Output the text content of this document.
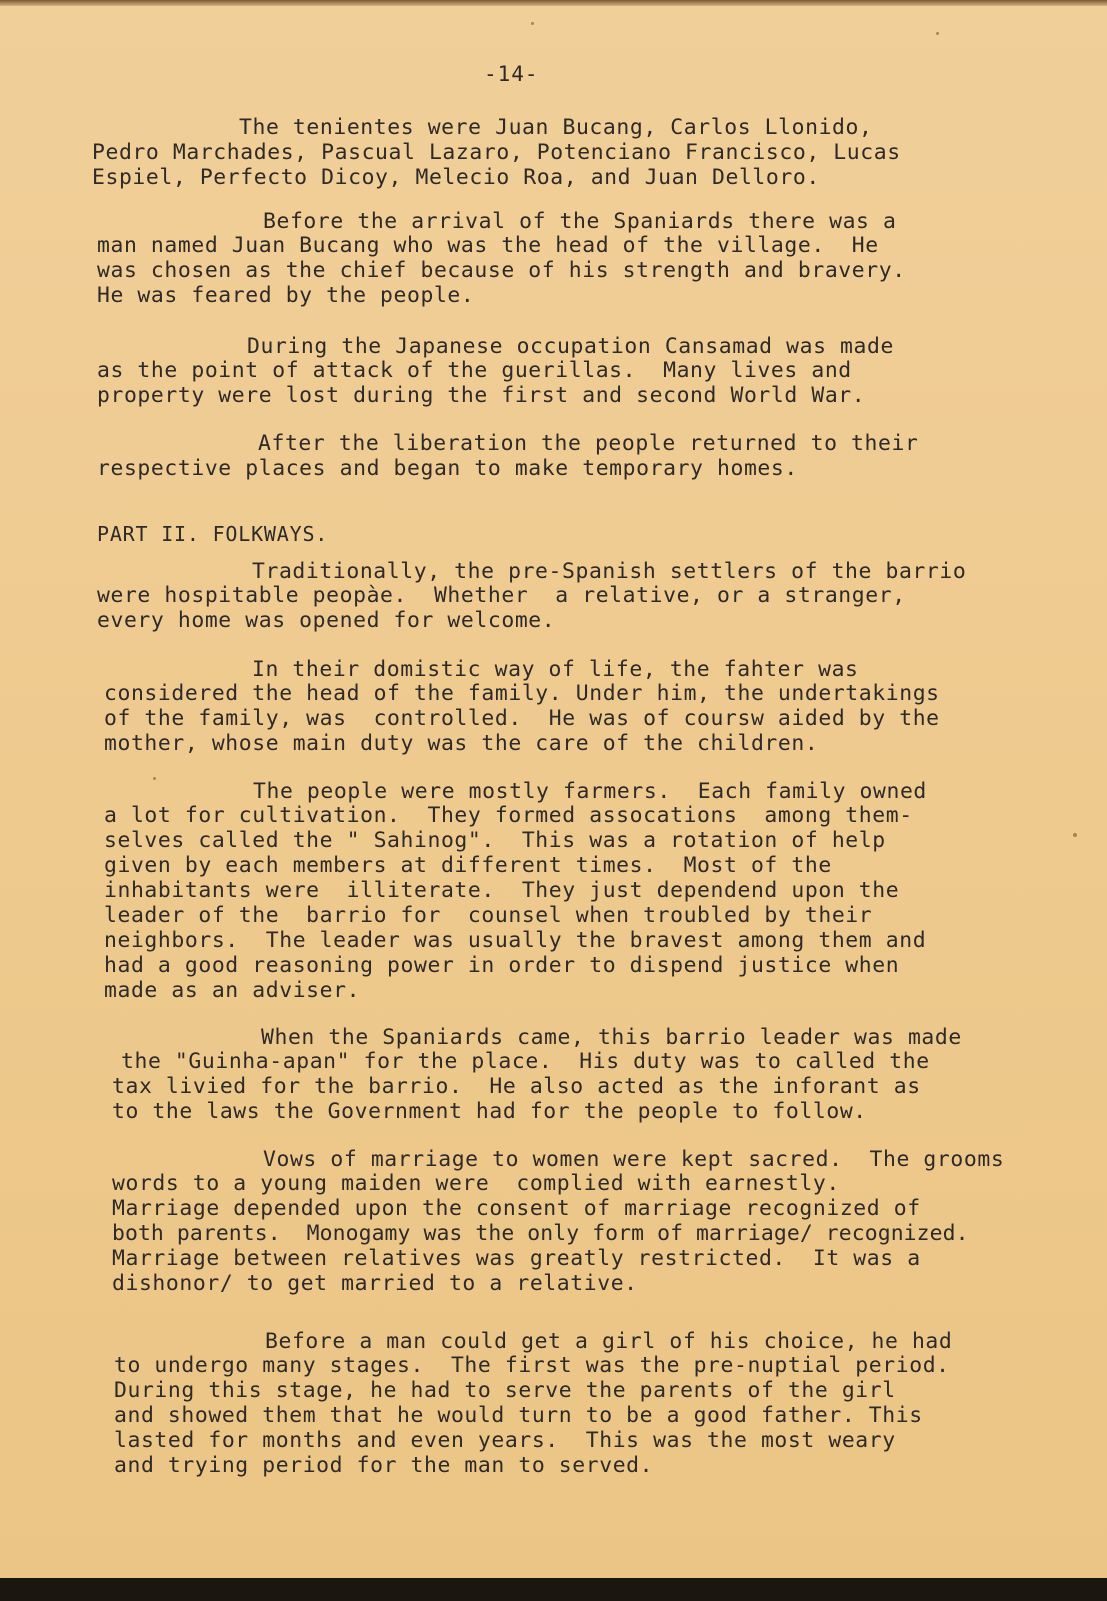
-14-
The tenientes were Juan Bucang, Carlos Llonido,
Pedro Marchades, Pascual Lazaro, Potenciano Francisco, Lucas
Espiel, Perfecto Dicoy, Melecio Roa, and Juan Delloro.
Before the arrival of the Spaniards there was a
man named Juan Bucang who was the head of the village.  He
was chosen as the chief because of his strength and bravery.
He was feared by the people.
During the Japanese occupation Cansamad was made
as the point of attack of the guerillas.  Many lives and
property were lost during the first and second World War.
After the liberation the people returned to their
respective places and began to make temporary homes.
PART II. FOLKWAYS.
Traditionally, the pre-Spanish settlers of the barrio
were hospitable peopàe.  Whether  a relative, or a stranger,
every home was opened for welcome.
In their domistic way of life, the fahter was
considered the head of the family. Under him, the undertakings
of the family, was  controlled.  He was of coursw aided by the
mother, whose main duty was the care of the children.
The people were mostly farmers.  Each family owned
a lot for cultivation.  They formed assocations  among them-
selves called the " Sahinog".  This was a rotation of help
given by each members at different times.  Most of the
inhabitants were  illiterate.  They just dependend upon the
leader of the  barrio for  counsel when troubled by their
neighbors.  The leader was usually the bravest among them and
had a good reasoning power in order to dispend justice when
made as an adviser.
When the Spaniards came, this barrio leader was made
the "Guinha-apan" for the place.  His duty was to called the
tax livied for the barrio.  He also acted as the inforant as
to the laws the Government had for the people to follow.
Vows of marriage to women were kept sacred.  The grooms
words to a young maiden were  complied with earnestly.
Marriage depended upon the consent of marriage recognized of
both parents.  Monogamy was the only form of marriage/ recognized.
Marriage between relatives was greatly restricted.  It was a
dishonor/ to get married to a relative.
Before a man could get a girl of his choice, he had
to undergo many stages.  The first was the pre-nuptial period.
During this stage, he had to serve the parents of the girl
and showed them that he would turn to be a good father. This
lasted for months and even years.  This was the most weary
and trying period for the man to served.
